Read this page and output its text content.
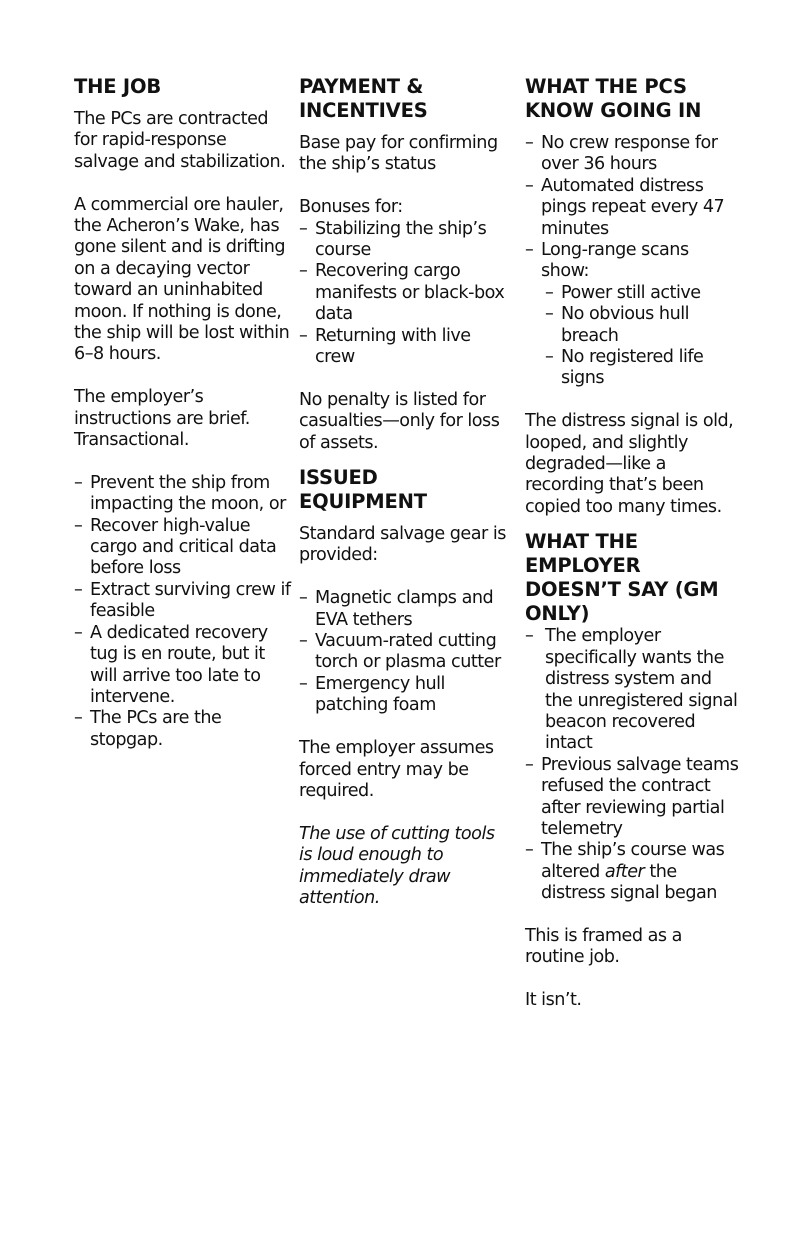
THE JOB

The PCs are contracted for rapid-response salvage and stabilization.

A commercial ore hauler, the Acheron’s Wake, has gone silent and is drifting on a decaying vector toward an uninhabited moon. If nothing is done, the ship will be lost within 6–8 hours.

The employer’s instructions are brief. Transactional.

– Prevent the ship from impacting the moon, or
– Recover high-value cargo and critical data before loss
– Extract surviving crew if feasible
– A dedicated recovery tug is en route, but it will arrive too late to intervene.
– The PCs are the stopgap.
PAYMENT & INCENTIVES

Base pay for confirming the ship’s status

Bonuses for:

– Stabilizing the ship’s course
– Recovering cargo manifests or black-box data
– Returning with live crew

No penalty is listed for casualties—only for loss of assets.

ISSUED EQUIPMENT

Standard salvage gear is provided:

– Magnetic clamps and EVA tethers
– Vacuum-rated cutting torch or plasma cutter
– Emergency hull patching foam

The employer assumes forced entry may be required.

The use of cutting tools is loud enough to immediately draw attention.

WHAT THE PCS KNOW GOING IN
– No crew response for over 36 hours
– Automated distress pings repeat every 47 minutes
– Long-range scans show:
– Power still active
– No obvious hull breach
– No registered life signs

The distress signal is old, looped, and slightly degraded—like a recording that’s been copied too many times.

WHAT THE EMPLOYER DOESN’T SAY (GM ONLY)
– The employer specifically wants the distress system and the unregistered signal beacon recovered intact
– Previous salvage teams refused the contract after reviewing partial telemetry
– The ship’s course was altered after the distress signal began

This is framed as a routine job.

It isn’t.
